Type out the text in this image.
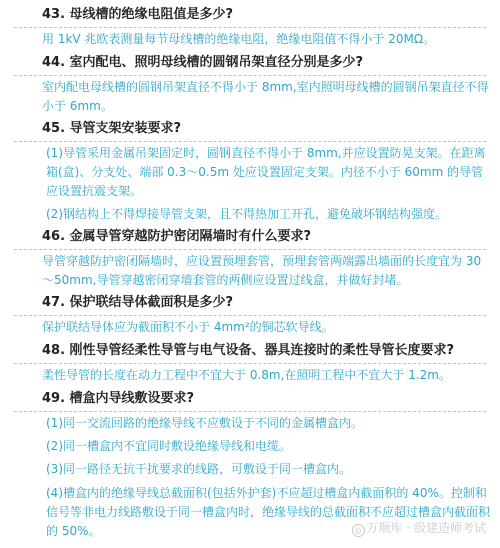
43. 母线槽的绝缘电阻值是多少?
用 1kV 兆欧表测量每节母线槽的绝缘电阻，绝缘电阻值不得小于 20MΩ。
44. 室内配电、照明母线槽的圆钢吊架直径分别是多少?
室内配电母线槽的圆钢吊架直径不得小于 8mm,室内照明母线槽的圆钢吊架直径不得小于 6mm。
45. 导管支架安装要求?
(1)导管采用金属吊架固定时，圆钢直径不得小于 8mm,并应设置防晃支架。在距离箱(盒)、分支处、端部 0.3～0.5m 处应设置固定支架。内径不小于 60mm 的导管应设置抗震支架。
(2)钢结构上不得焊接导管支架，且不得热加工开孔，避免破坏钢结构强度。
46. 金属导管穿越防护密闭隔墙时有什么要求?
导管穿越防护密闭隔墙时，应设置预埋套管，预埋套管两端露出墙面的长度宜为 30～50mm,导管穿越密闭穿墙套管的两侧应设置过线盒，并做好封堵。
47. 保护联结导体截面积是多少?
保护联结导体应为截面积不小于 4mm²的铜芯软导线。
48. 刚性导管经柔性导管与电气设备、器具连接时的柔性导管长度要求?
柔性导管的长度在动力工程中不宜大于 0.8m,在照明工程中不宜大于 1.2m。
49. 槽盒内导线敷设要求?
(1)同一交流回路的绝缘导线不应敷设于不同的金属槽盒内。
(2)同一槽盒内不宜同时敷设绝缘导线和电缆。
(3)同一路径无抗干扰要求的线路，可敷设于同一槽盒内。
(4)槽盒内的绝缘导线总截面积(包括外护套)不应超过槽盒内截面积的 40%。控制和信号等非电力线路敷设于同一槽盒内时，绝缘导线的总截面积不应超过槽盒内截面积的 50%。	◎ 万顺库 · 级建造师考试
